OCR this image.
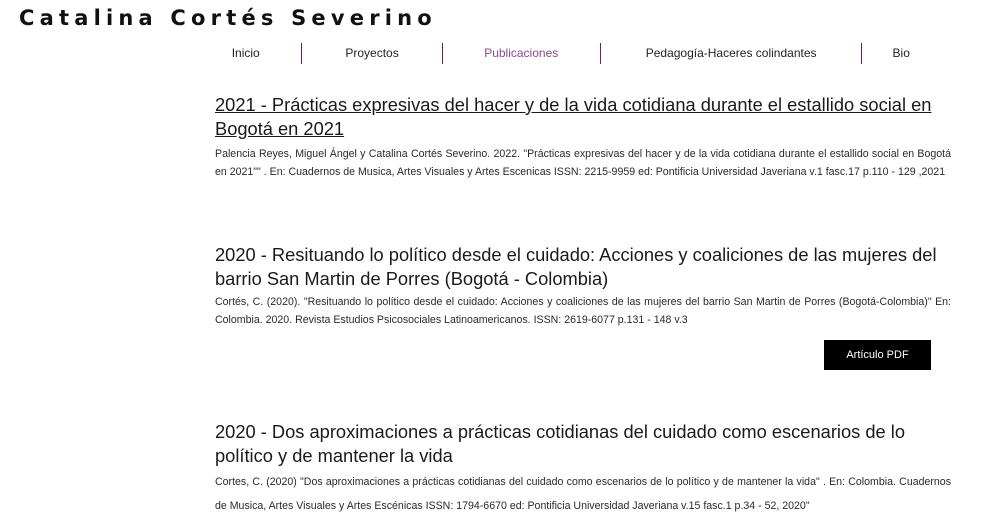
Catalina Cortés Severino
Inicio	Proyectos	Publicaciones	Pedagogía-Haceres colindantes	Bio
2021 - Prácticas expresivas del hacer y de la vida cotidiana durante el estallido social en Bogotá en 2021

Palencia Reyes, Miguel Ángel y Catalina Cortés Severino. 2022. "Prácticas expresivas del hacer y de la vida cotidiana durante el estallido social en Bogotá en 2021"" . En: Cuadernos de Musica, Artes Visuales y Artes Escenicas ISSN: 2215-9959 ed: Pontificia Universidad Javeriana v.1 fasc.17 p.110 - 129 ,2021

2020 - Resituando lo político desde el cuidado: Acciones y coaliciones de las mujeres del barrio San Martin de Porres (Bogotá - Colombia)

Cortés, C. (2020). "Resituando lo político desde el cuidado: Acciones y coaliciones de las mujeres del barrio San Martin de Porres (Bogotá-Colombia)" En: Colombia. 2020. Revista Estudios Psicosociales Latinoamericanos. ISSN: 2619-6077 p.131 - 148 v.3

Artículo PDF
2020 - Dos aproximaciones a prácticas cotidianas del cuidado como escenarios de lo político y de mantener la vida

Cortes, C. (2020) "Dos aproximaciones a prácticas cotidianas del cuidado como escenarios de lo político y de mantener la vida" . En: Colombia. Cuadernos de Musica, Artes Visuales y Artes Escénicas ISSN: 1794-6670 ed: Pontificia Universidad Javeriana v.15 fasc.1 p.34 - 52, 2020"
